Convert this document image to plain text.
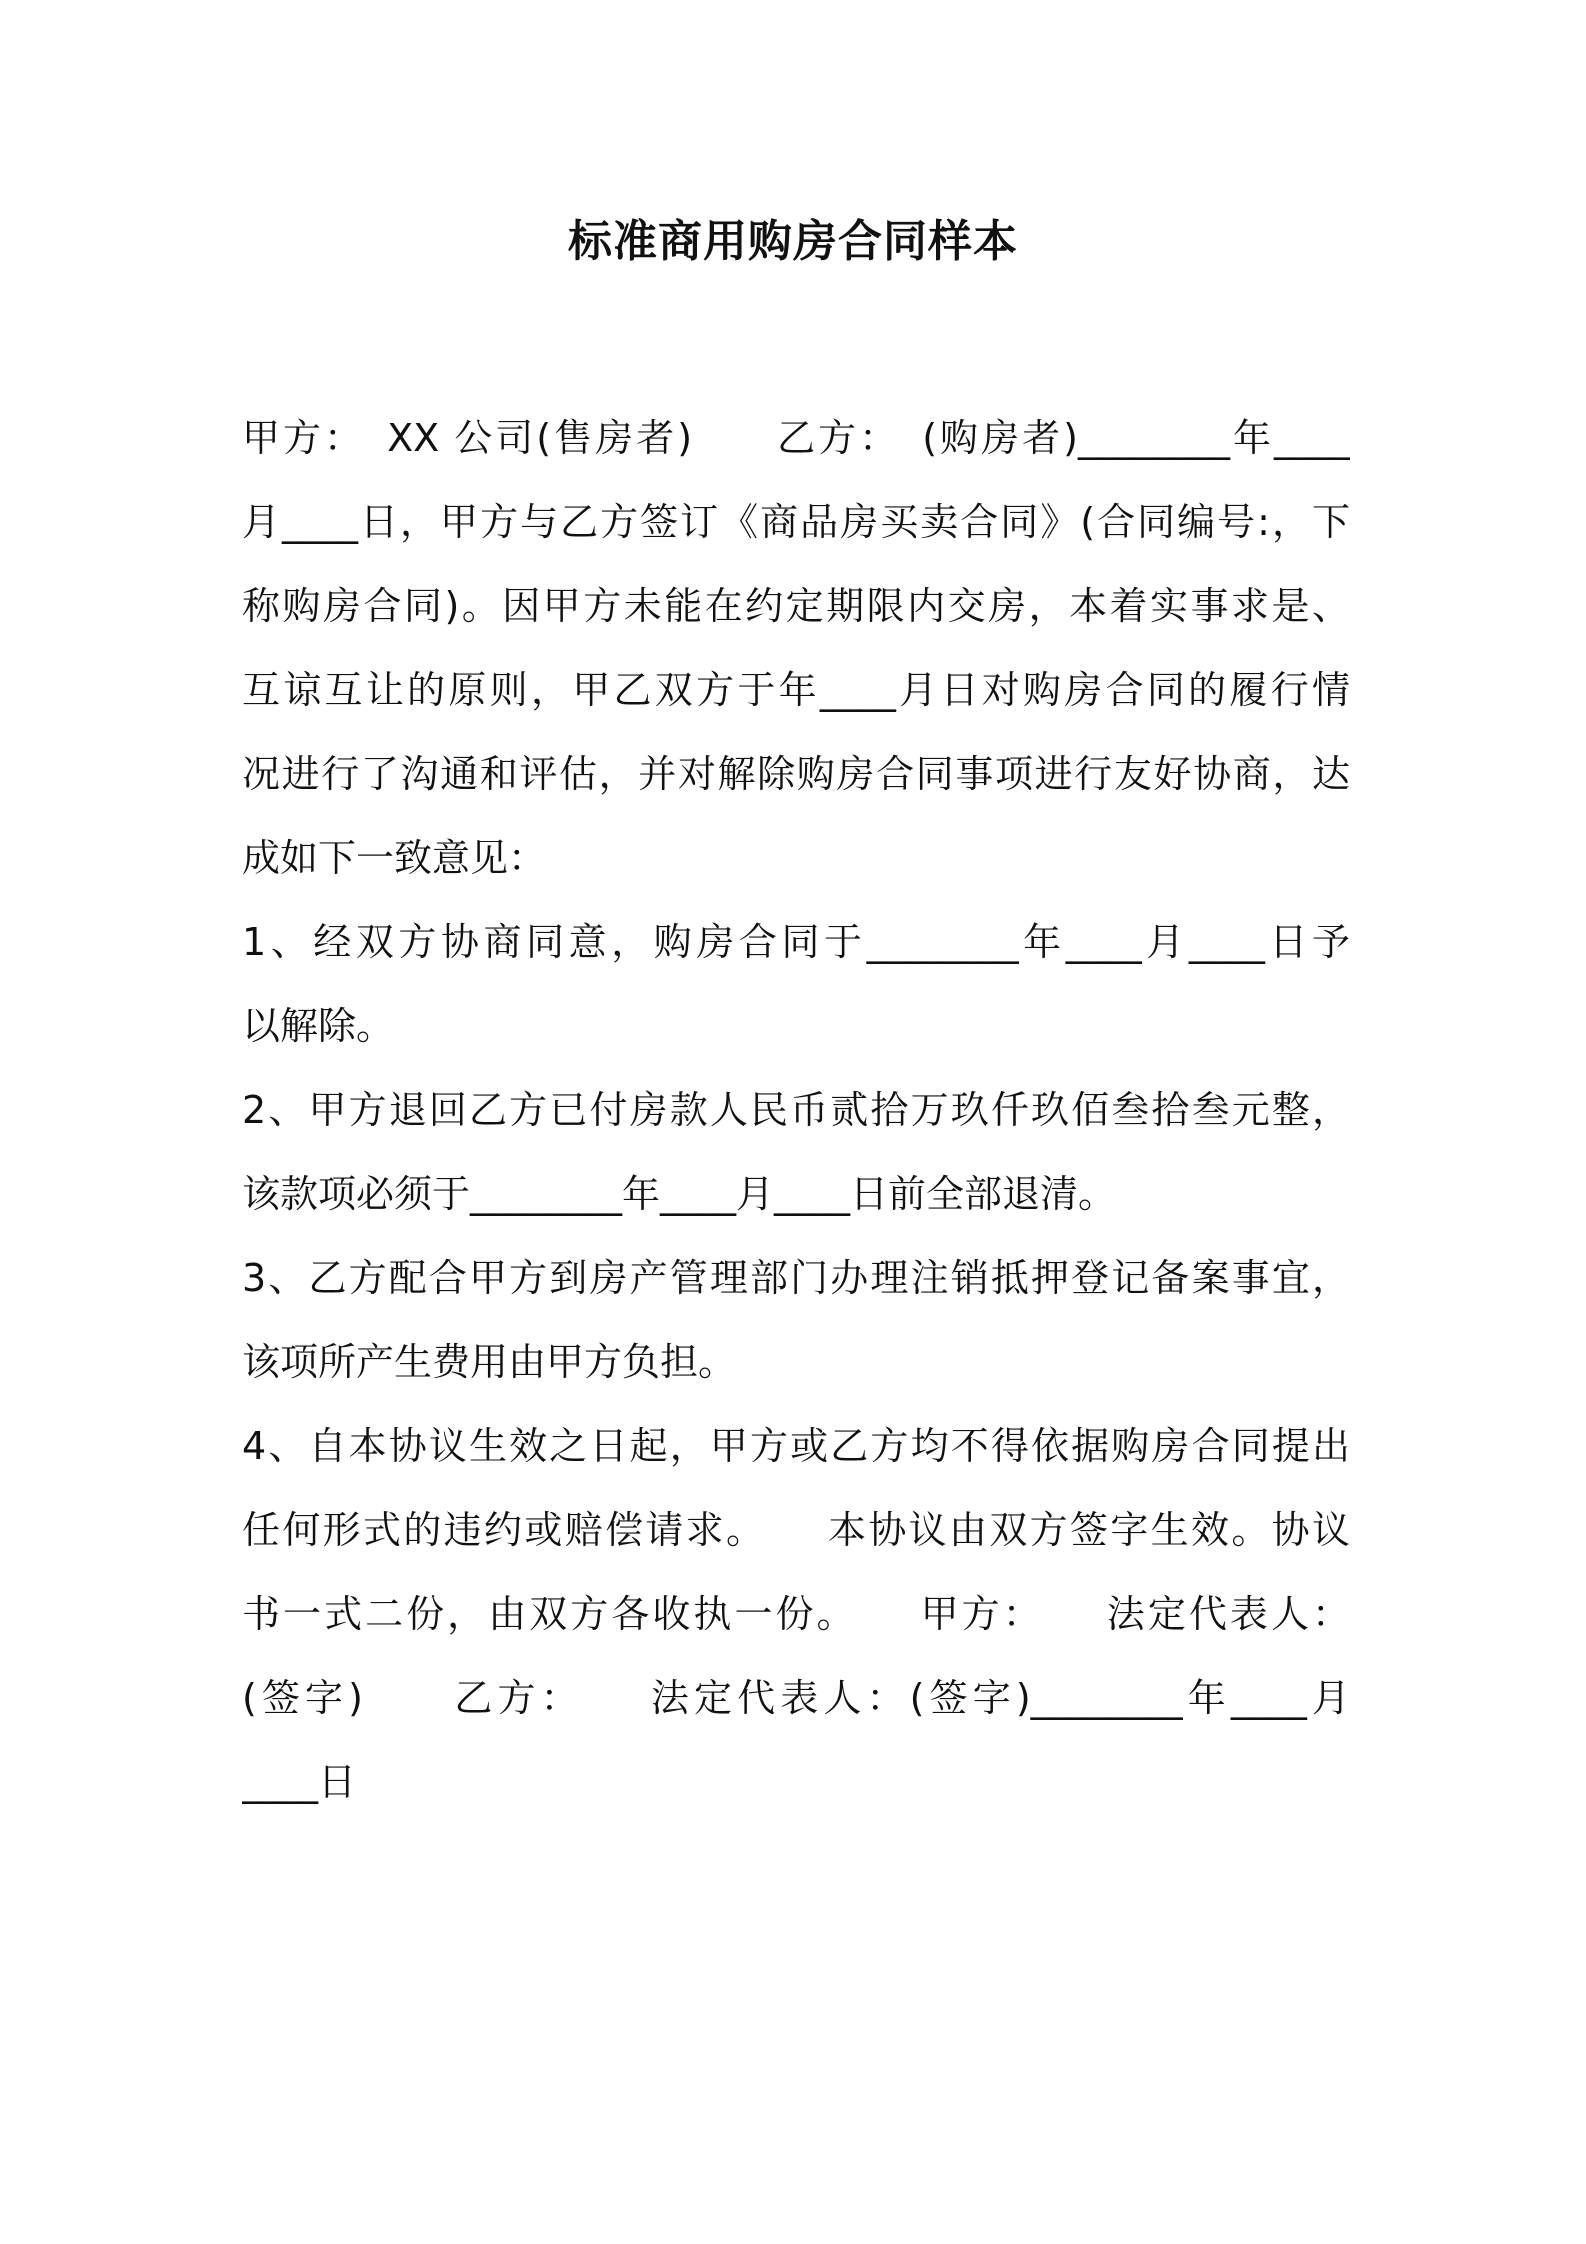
标准商用购房合同样本
甲方：　XX 公司(售房者)　　乙方：　(购房者)________年____
月____日，甲方与乙方签订《商品房买卖合同》(合同编号:，下
称购房合同)。因甲方未能在约定期限内交房，本着实事求是、
互谅互让的原则，甲乙双方于年____月日对购房合同的履行情
况进行了沟通和评估，并对解除购房合同事项进行友好协商，达
成如下一致意见：
1、经双方协商同意，购房合同于________年____月____日予
以解除。
2、甲方退回乙方已付房款人民币贰拾万玖仟玖佰叁拾叁元整，
该款项必须于________年____月____日前全部退清。
3、乙方配合甲方到房产管理部门办理注销抵押登记备案事宜，
该项所产生费用由甲方负担。
4、自本协议生效之日起，甲方或乙方均不得依据购房合同提出
任何形式的违约或赔偿请求。　　本协议由双方签字生效。协议
书一式二份，由双方各收执一份。　　甲方：　　法定代表人：
(签字)　　乙方：　　法定代表人：(签字)________年____月
____日
